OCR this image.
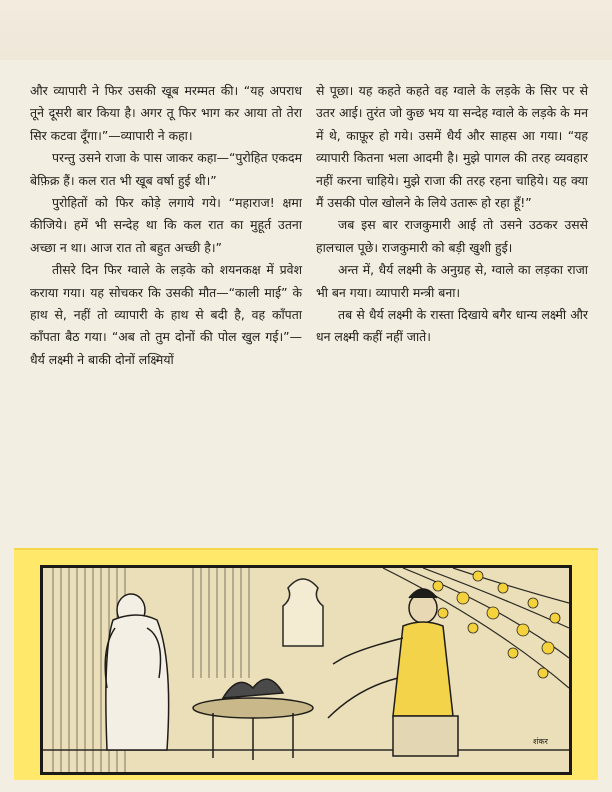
और व्यापारी ने फिर उसकी खूब मरम्मत की। “यह अपराध तूने दूसरी बार किया है। अगर तू फिर भाग कर आया तो तेरा सिर कटवा दूँगा।”—व्यापारी ने कहा।

परन्तु उसने राजा के पास जाकर कहा—“पुरोहित एकदम बेफ़िक्र हैं। कल रात भी खूब वर्षा हुई थी।”

पुरोहितों को फिर कोड़े लगाये गये। “महाराज! क्षमा कीजिये। हमें भी सन्देह था कि कल रात का मुहूर्त उतना अच्छा न था। आज रात तो बहुत अच्छी है।”

तीसरे दिन फिर ग्वाले के लड़के को शयनकक्ष में प्रवेश कराया गया। यह सोचकर कि उसकी मौत—“काली माई” के हाथ से, नहीं तो व्यापारी के हाथ से बदी है, वह काँपता काँपता बैठ गया। “अब तो तुम दोनों की पोल खुल गई।”—धैर्य लक्ष्मी ने बाकी दोनों लक्ष्मियों

से पूछा। यह कहते कहते वह ग्वाले के लड़के के सिर पर से उतर आई। तुरंत जो कुछ भय या सन्देह ग्वाले के लड़के के मन में थे, काफ़ूर हो गये। उसमें धैर्य और साहस आ गया। “यह व्यापारी कितना भला आदमी है। मुझे पागल की तरह व्यवहार नहीं करना चाहिये। मुझे राजा की तरह रहना चाहिये। यह क्या मैं उसकी पोल खोलने के लिये उतारू हो रहा हूँ!”

जब इस बार राजकुमारी आई तो उसने उठकर उससे हालचाल पूछे। राजकुमारी को बड़ी खुशी हुई।

अन्त में, धैर्य लक्ष्मी के अनुग्रह से, ग्वाले का लड़का राजा भी बन गया। व्यापारी मन्त्री बना।

तब से धैर्य लक्ष्मी के रास्ता दिखाये बगैर धान्य लक्ष्मी और धन लक्ष्मी कहीं नहीं जाते।

शंकर
